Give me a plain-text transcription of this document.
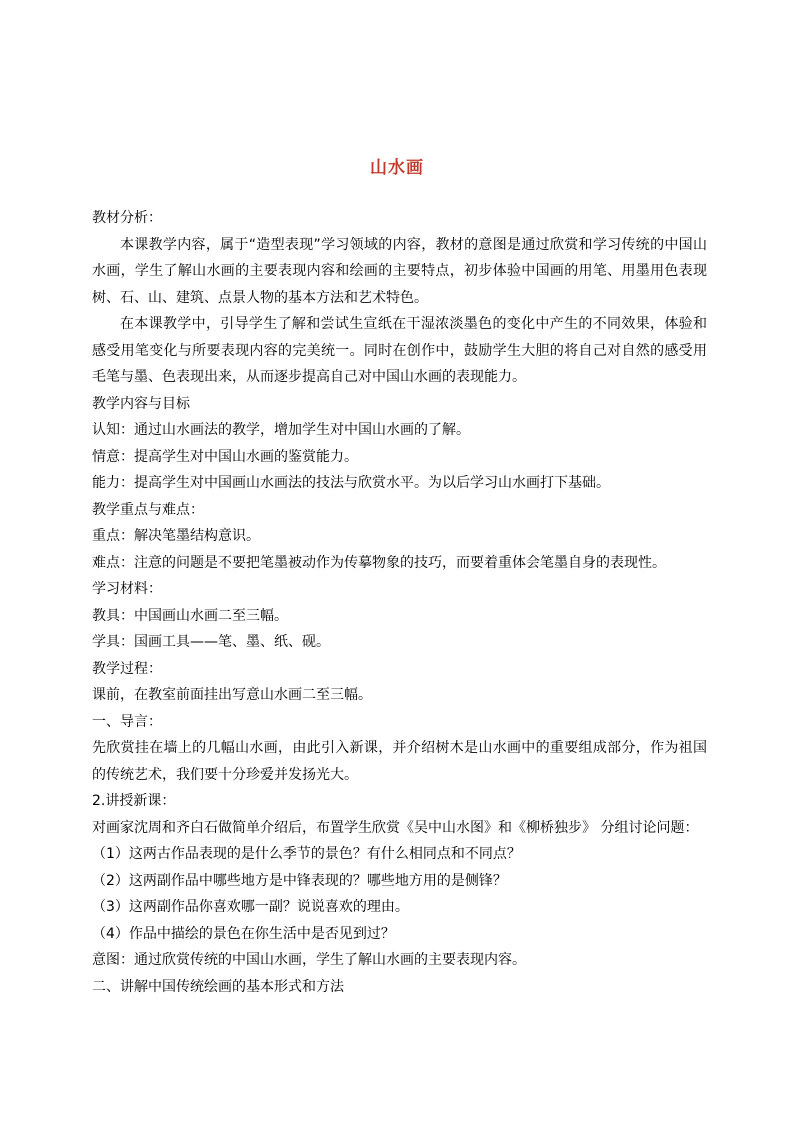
山水画
教材分析：
本课教学内容，属于“造型表现”学习领域的内容，教材的意图是通过欣赏和学习传统的中国山水画，学生了解山水画的主要表现内容和绘画的主要特点，初步体验中国画的用笔、用墨用色表现树、石、山、建筑、点景人物的基本方法和艺术特色。
在本课教学中，引导学生了解和尝试生宣纸在干湿浓淡墨色的变化中产生的不同效果，体验和感受用笔变化与所要表现内容的完美统一。同时在创作中，鼓励学生大胆的将自己对自然的感受用毛笔与墨、色表现出来，从而逐步提高自己对中国山水画的表现能力。
教学内容与目标
认知：通过山水画法的教学，增加学生对中国山水画的了解。
情意：提高学生对中国山水画的鉴赏能力。
能力：提高学生对中国画山水画法的技法与欣赏水平。为以后学习山水画打下基础。
教学重点与难点：
重点：解决笔墨结构意识。
难点：注意的问题是不要把笔墨被动作为传摹物象的技巧，而要着重体会笔墨自身的表现性。
学习材料：
教具：中国画山水画二至三幅。
学具：国画工具——笔、墨、纸、砚。
教学过程：
课前，在教室前面挂出写意山水画二至三幅。
一、导言：
先欣赏挂在墙上的几幅山水画，由此引入新课，并介绍树木是山水画中的重要组成部分，作为祖国的传统艺术，我们要十分珍爱并发扬光大。
2.讲授新课：
对画家沈周和齐白石做简单介绍后，布置学生欣赏《吴中山水图》和《柳桥独步》 分组讨论问题：
（1）这两古作品表现的是什么季节的景色？有什么相同点和不同点？
（2）这两副作品中哪些地方是中锋表现的？哪些地方用的是侧锋？
（3）这两副作品你喜欢哪一副？说说喜欢的理由。
（4）作品中描绘的景色在你生活中是否见到过？
意图：通过欣赏传统的中国山水画，学生了解山水画的主要表现内容。
二、讲解中国传统绘画的基本形式和方法
